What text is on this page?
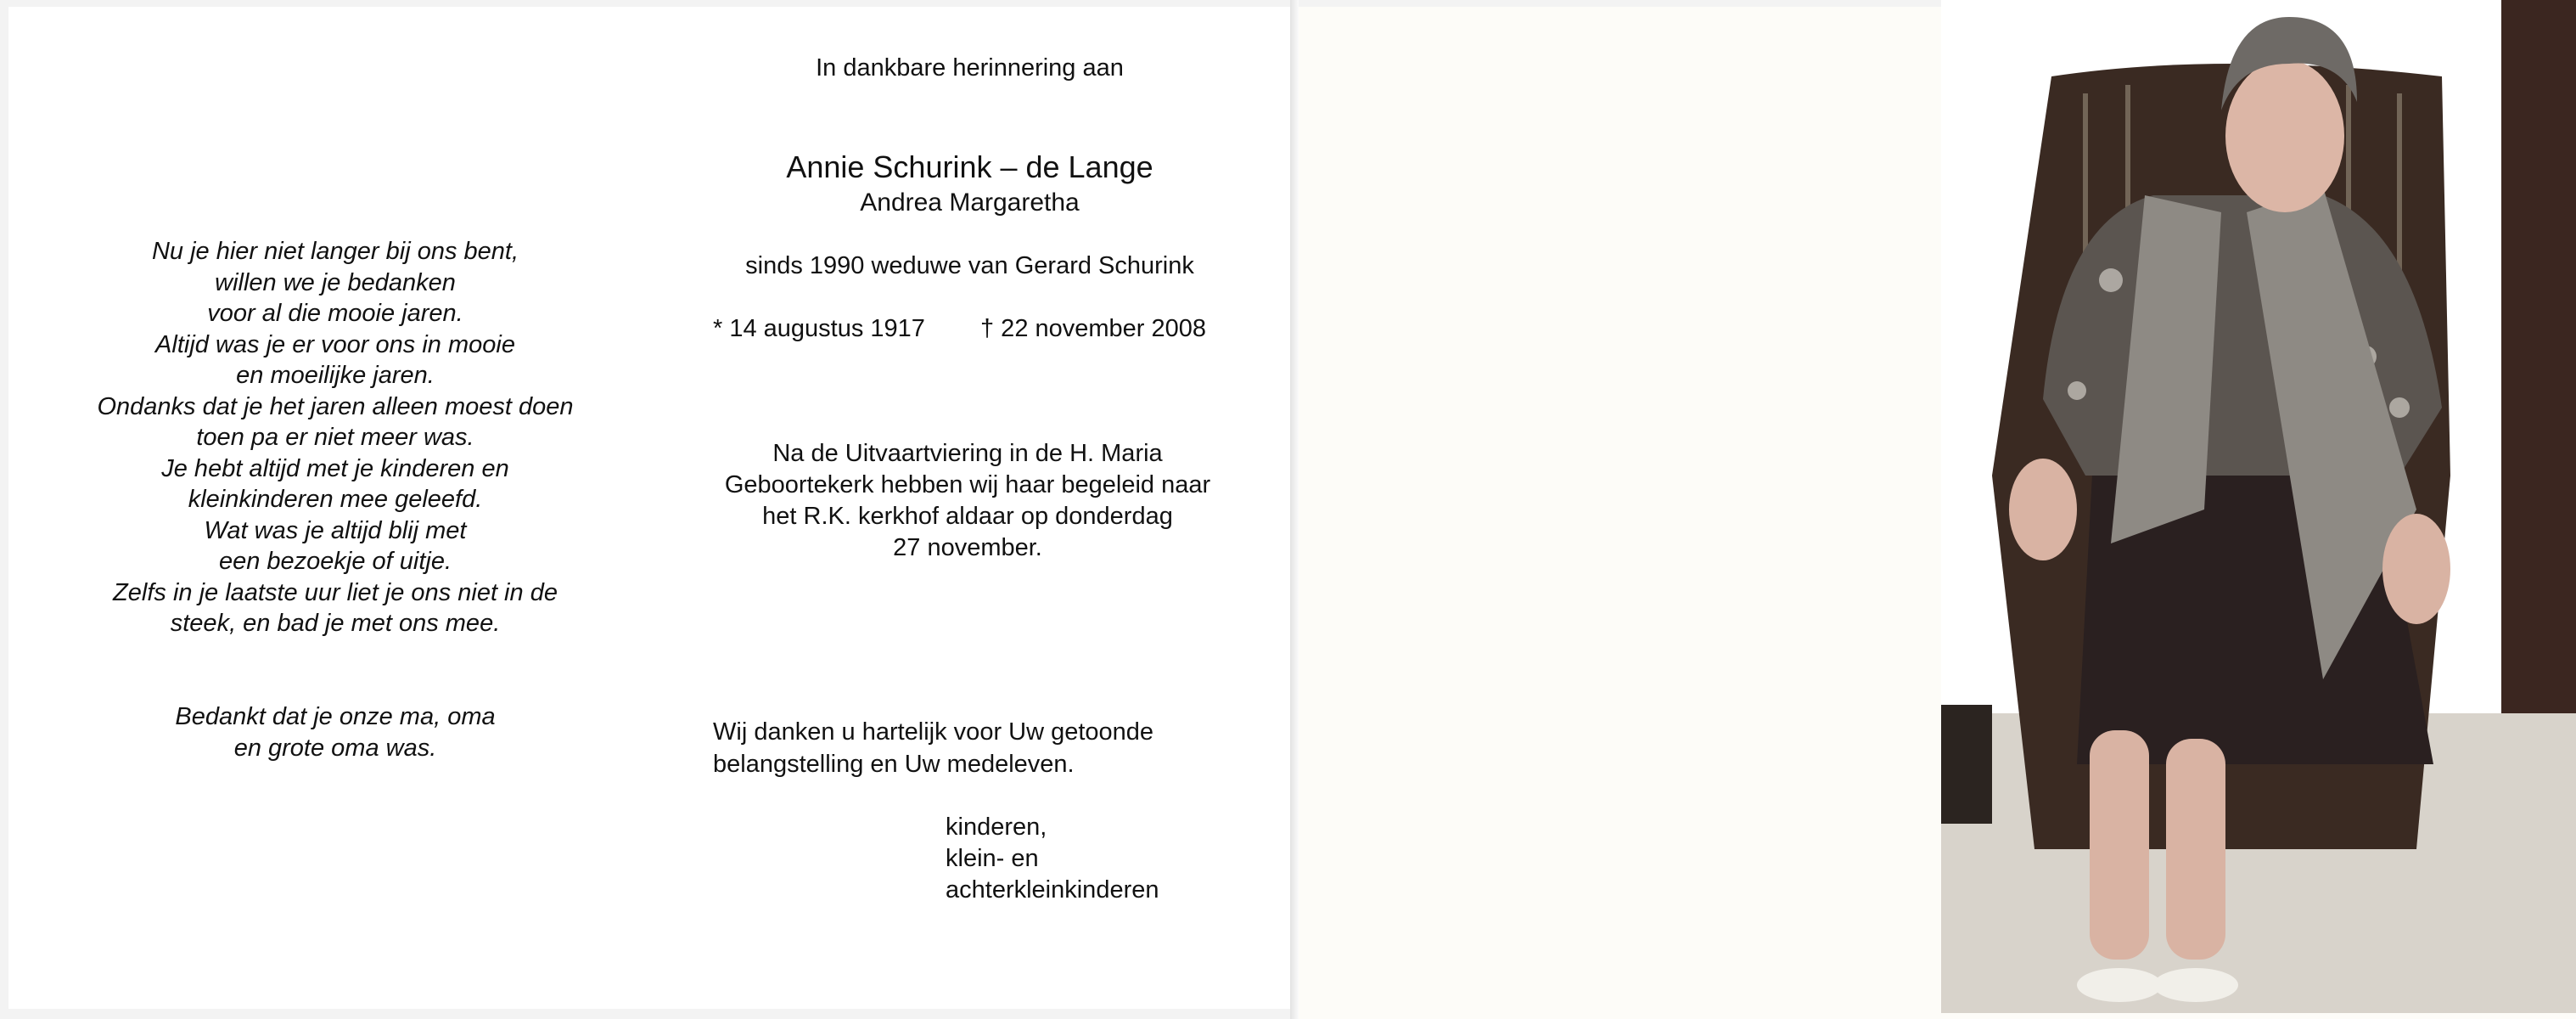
Nu je hier niet langer bij ons bent,
willen we je bedanken
voor al die mooie jaren.
Altijd was je er voor ons in mooie
en moeilijke jaren.
Ondanks dat je het jaren alleen moest doen
toen pa er niet meer was.
Je hebt altijd met je kinderen en
kleinkinderen mee geleefd.
Wat was je altijd blij met
een bezoekje of uitje.
Zelfs in je laatste uur liet je ons niet in de
steek, en bad je met ons mee.
Bedankt dat je onze ma, oma
en grote oma was.
In dankbare herinnering aan
Annie Schurink – de Lange
Andrea Margaretha
sinds 1990 weduwe van Gerard Schurink
* 14 augustus 1917 † 22 november 2008
Na de Uitvaartviering in de H. Maria
Geboortekerk hebben wij haar begeleid naar
het R.K. kerkhof aldaar op donderdag
27 november.
Wij danken u hartelijk voor Uw getoonde
belangstelling en Uw medeleven.
kinderen,
klein- en
achterkleinkinderen
